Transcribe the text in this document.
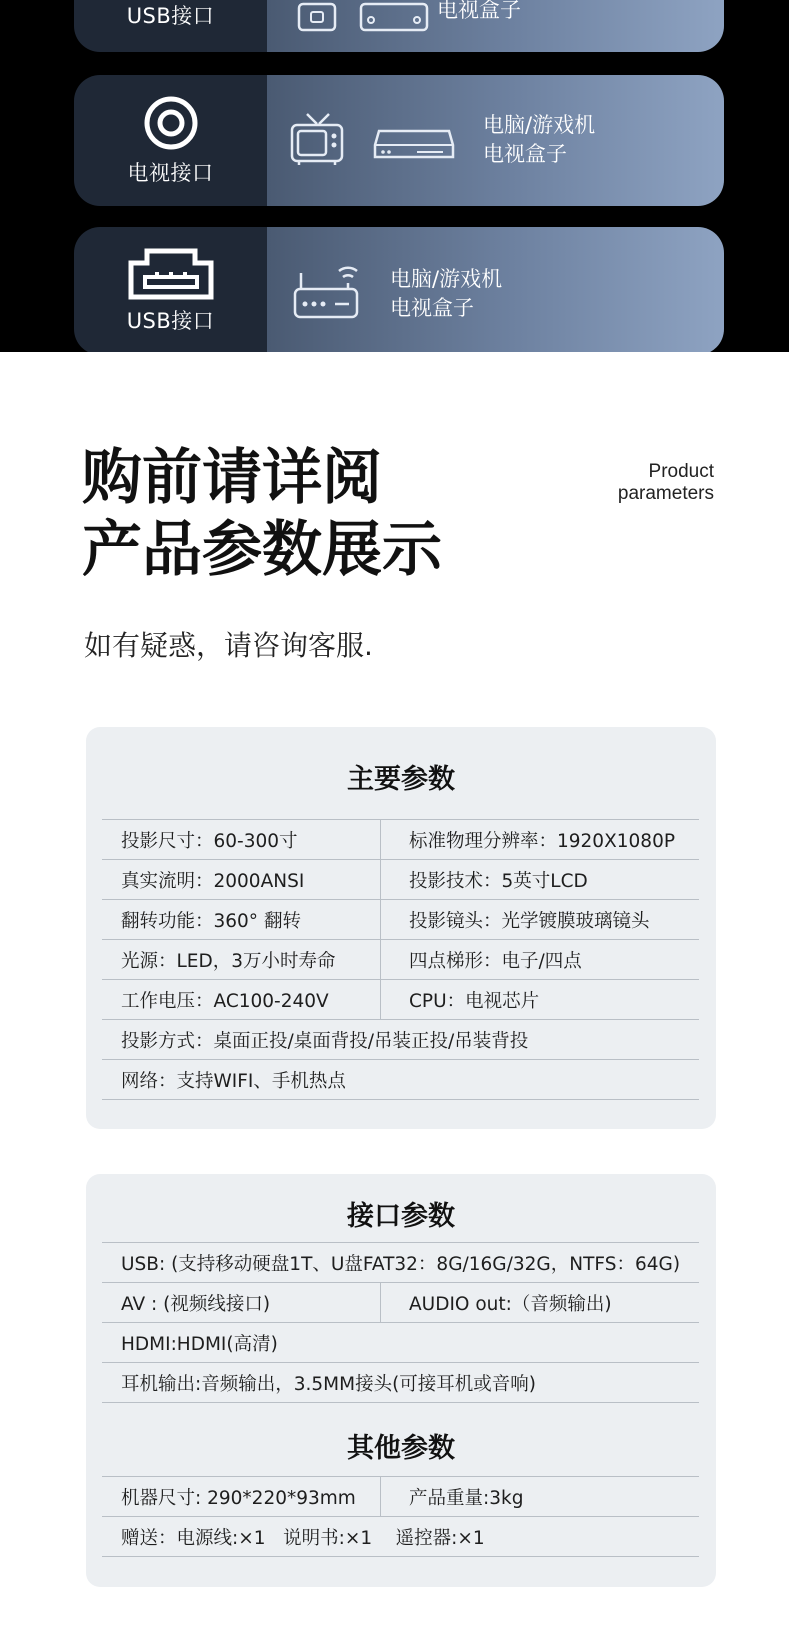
USB接口	电视盒子
电视接口
电脑/游戏机
电视盒子
USB接口
电脑/游戏机
电视盒子
购前请详阅
产品参数展示
Product
parameters
如有疑惑，请咨询客服.
主要参数
投影尺寸：60-300寸	标准物理分辨率：1920X1080P
真实流明：2000ANSI	投影技术：5英寸LCD
翻转功能：360° 翻转	投影镜头：光学镀膜玻璃镜头
光源：LED，3万小时寿命	四点梯形：电子/四点
工作电压：AC100-240V	CPU：电视芯片
投影方式：桌面正投/桌面背投/吊装正投/吊装背投
网络：支持WIFI、手机热点
接口参数
USB: (支持移动硬盘1T、U盘FAT32：8G/16G/32G，NTFS：64G)
AV : (视频线接口)	AUDIO out:（音频输出)
HDMI:HDMI(高清)
耳机输出:音频输出，3.5MM接头(可接耳机或音响)
其他参数
机器尺寸: 290*220*93mm	产品重量:3kg
赠送：电源线:×1   说明书:×1    遥控器:×1
